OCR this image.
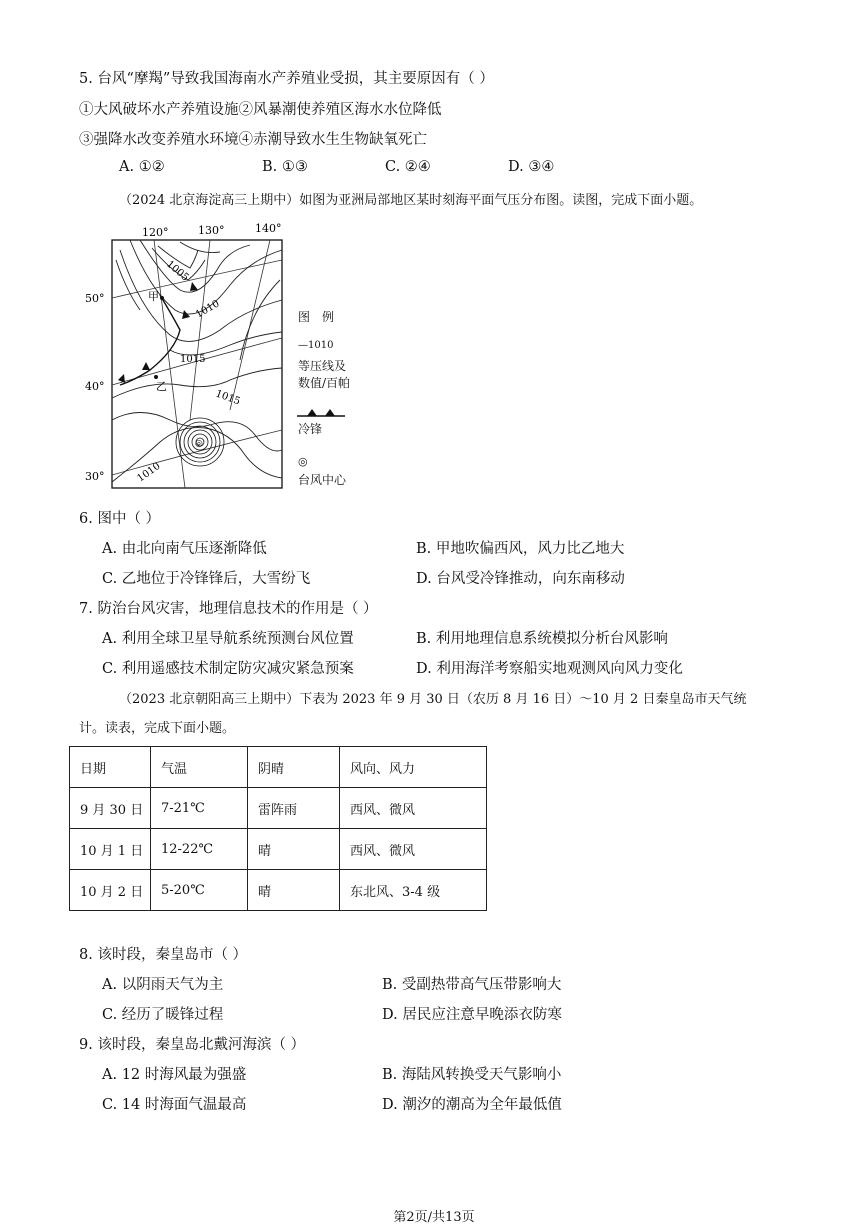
5. 台风“摩羯”导致我国海南水产养殖业受损，其主要原因有（ ）
①大风破坏水产养殖设施②风暴潮使养殖区海水水位降低
③强降水改变养殖水环境④赤潮导致水生生物缺氧死亡
A. ①②	B. ①③	C. ②④	D. ③④
（2024 北京海淀高三上期中）如图为亚洲局部地区某时刻海平面气压分布图。读图，完成下面小题。
◎
120°	130°	140°
50°
40°
30°
1005
1010
1015
1015
1010
甲
乙
图　例
—1010
等压线及
数值/百帕
冷锋
◎
台风中心
6. 图中（ ）
A. 由北向南气压逐渐降低	B. 甲地吹偏西风，风力比乙地大
C. 乙地位于冷锋锋后，大雪纷飞	D. 台风受冷锋推动，向东南移动
7. 防治台风灾害，地理信息技术的作用是（ ）
A. 利用全球卫星导航系统预测台风位置	B. 利用地理信息系统模拟分析台风影响
C. 利用遥感技术制定防灾减灾紧急预案	D. 利用海洋考察船实地观测风向风力变化
（2023 北京朝阳高三上期中）下表为 2023 年 9 月 30 日（农历 8 月 16 日）～10 月 2 日秦皇岛市天气统
计。读表，完成下面小题。
日期	气温	阴晴	风向、风力
9 月 30 日	7-21℃	雷阵雨	西风、微风
10 月 1 日	12-22℃	晴	西风、微风
10 月 2 日	5-20℃	晴	东北风、3-4 级
8. 该时段，秦皇岛市（ ）
A. 以阴雨天气为主	B. 受副热带高气压带影响大
C. 经历了暖锋过程	D. 居民应注意早晚添衣防寒
9. 该时段，秦皇岛北戴河海滨（ ）
A. 12 时海风最为强盛	B. 海陆风转换受天气影响小
C. 14 时海面气温最高	D. 潮汐的潮高为全年最低值
第2页/共13页
